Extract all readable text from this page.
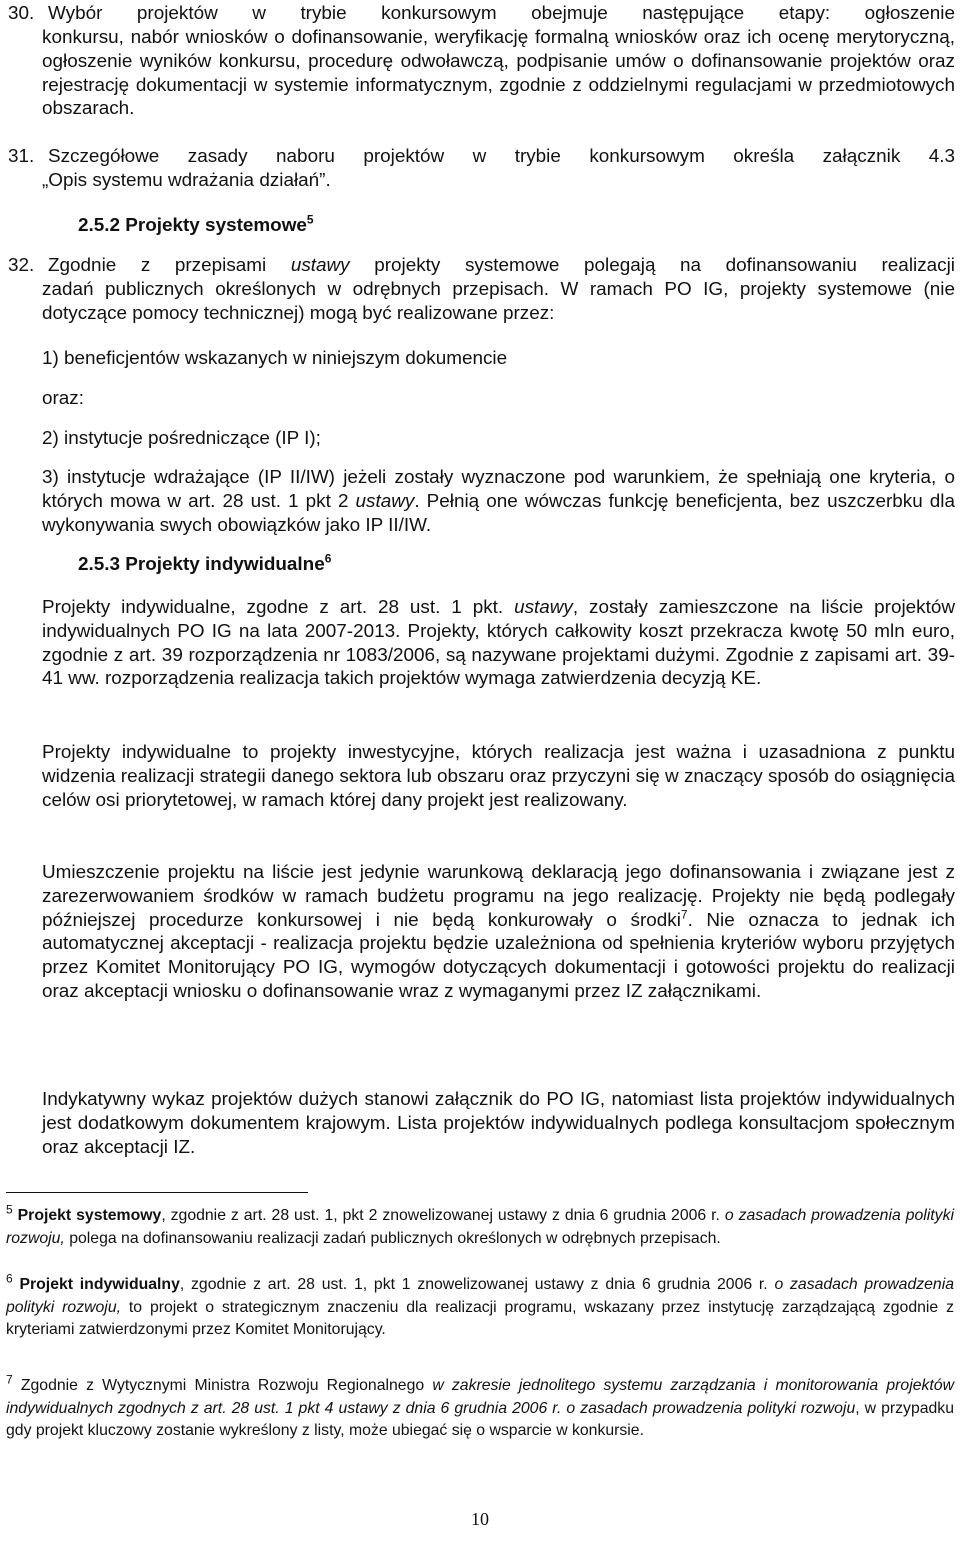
30. Wybór projektów w trybie konkursowym obejmuje następujące etapy: ogłoszenie

konkursu, nabór wniosków o dofinansowanie, weryfikację formalną wniosków oraz ich ocenę merytoryczną, ogłoszenie wyników konkursu, procedurę odwoławczą, podpisanie umów o dofinansowanie projektów oraz rejestrację dokumentacji w systemie informatycznym, zgodnie z oddzielnymi regulacjami w przedmiotowych obszarach.

31. Szczegółowe zasady naboru projektów w trybie konkursowym określa załącznik 4.3

„Opis systemu wdrażania działań”.

2.5.2 Projekty systemowe$^5$
32. Zgodnie z przepisami ustawy projekty systemowe polegają na dofinansowaniu realizacji

zadań publicznych określonych w odrębnych przepisach. W ramach PO IG, projekty systemowe (nie dotyczące pomocy technicznej) mogą być realizowane przez:

1) beneficjentów wskazanych w niniejszym dokumencie
oraz:
2) instytucje pośredniczące (IP I);

3) instytucje wdrażające (IP II/IW) jeżeli zostały wyznaczone pod warunkiem, że spełniają one kryteria, o których mowa w art. 28 ust. 1 pkt 2 ustawy. Pełnią one wówczas funkcję beneficjenta, bez uszczerbku dla wykonywania swych obowiązków jako IP II/IW.

2.5.3 Projekty indywidualne$^6$

Projekty indywidualne, zgodne z art. 28 ust. 1 pkt. ustawy, zostały zamieszczone na liście projektów indywidualnych PO IG na lata 2007-2013. Projekty, których całkowity koszt przekracza kwotę 50 mln euro, zgodnie z art. 39 rozporządzenia nr 1083/2006, są nazywane projektami dużymi. Zgodnie z zapisami art. 39-41 ww. rozporządzenia realizacja takich projektów wymaga zatwierdzenia decyzją KE.

Projekty indywidualne to projekty inwestycyjne, których realizacja jest ważna i uzasadniona z punktu widzenia realizacji strategii danego sektora lub obszaru oraz przyczyni się w znaczący sposób do osiągnięcia celów osi priorytetowej, w ramach której dany projekt jest realizowany.

Umieszczenie projektu na liście jest jedynie warunkową deklaracją jego dofinansowania i związane jest z zarezerwowaniem środków w ramach budżetu programu na jego realizację. Projekty nie będą podlegały późniejszej procedurze konkursowej i nie będą konkurowały o środki$^7$. Nie oznacza to jednak ich automatycznej akceptacji - realizacja projektu będzie uzależniona od spełnienia kryteriów wyboru przyjętych przez Komitet Monitorujący PO IG, wymogów dotyczących dokumentacji i gotowości projektu do realizacji oraz akceptacji wniosku o dofinansowanie wraz z wymaganymi przez IZ załącznikami.

Indykatywny wykaz projektów dużych stanowi załącznik do PO IG, natomiast lista projektów indywidualnych jest dodatkowym dokumentem krajowym. Lista projektów indywidualnych podlega konsultacjom społecznym oraz akceptacji IZ.

$^5$ Projekt systemowy, zgodnie z art. 28 ust. 1, pkt 2 znowelizowanej ustawy z dnia 6 grudnia 2006 r. o zasadach prowadzenia polityki rozwoju, polega na dofinansowaniu realizacji zadań publicznych określonych w odrębnych przepisach.

$^6$ Projekt indywidualny, zgodnie z art. 28 ust. 1, pkt 1 znowelizowanej ustawy z dnia 6 grudnia 2006 r. o zasadach prowadzenia polityki rozwoju, to projekt o strategicznym znaczeniu dla realizacji programu, wskazany przez instytucję zarządzającą zgodnie z kryteriami zatwierdzonymi przez Komitet Monitorujący.

$^7$ Zgodnie z Wytycznymi Ministra Rozwoju Regionalnego w zakresie jednolitego systemu zarządzania i monitorowania projektów indywidualnych zgodnych z art. 28 ust. 1 pkt 4 ustawy z dnia 6 grudnia 2006 r. o zasadach prowadzenia polityki rozwoju, w przypadku gdy projekt kluczowy zostanie wykreślony z listy, może ubiegać się o wsparcie w konkursie.

10
